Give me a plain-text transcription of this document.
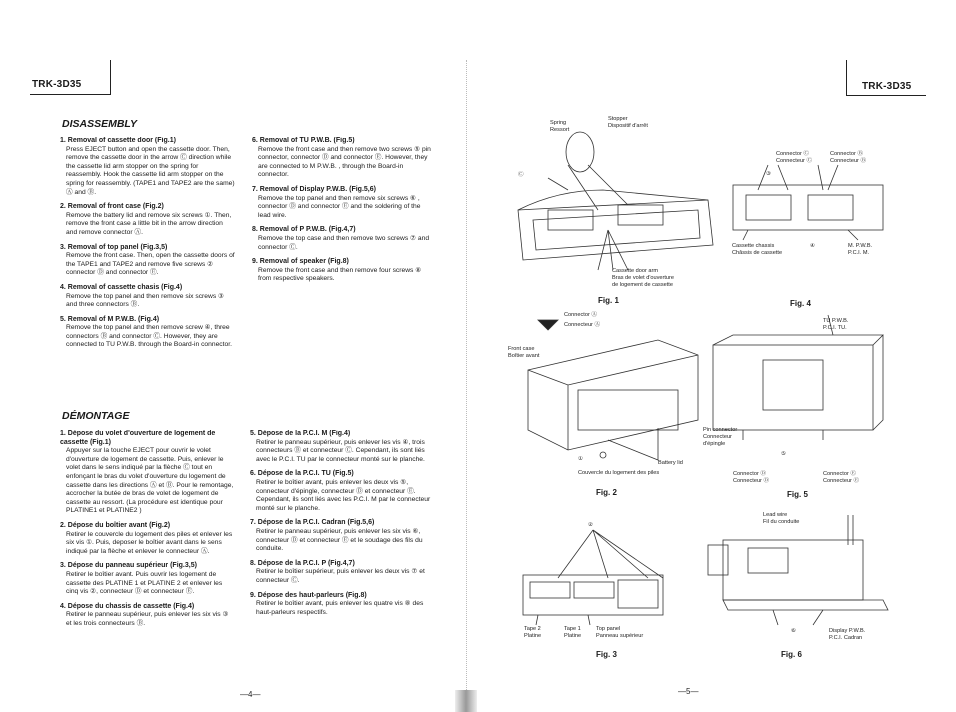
TRK-3D35
DISASSEMBLY
1. Removal of cassette door (Fig.1)
Press EJECT button and open the cassette door. Then, remove the cassette door in the arrow Ⓒ direction while the cassette lid arm stopper on the spring for reassembly. Hook the cassette lid arm stopper on the spring for reassembly. (TAPE1 and TAPE2 are the same) Ⓐ and Ⓑ.
2. Removal of front case (Fig.2)
Remove the battery lid and remove six screws ①. Then, remove the front case a little bit in the arrow direction and remove connector Ⓐ.
3. Removal of top panel (Fig.3,5)
Remove the front case. Then, open the cassette doors of the TAPE1 and TAPE2 and remove five screws ② connector Ⓓ and connector Ⓔ.
4. Removal of cassette chasis (Fig.4)
Remove the top panel and then remove six screws ③ and three connectors Ⓑ.
5. Removal of M P.W.B. (Fig.4)
Remove the top panel and then remove screw ④, three connectors Ⓑ and connector Ⓒ. However, they are connected to TU P.W.B. through the Board-in connector.
6. Removal of TU P.W.B. (Fig.5)
Remove the front case and then remove two screws ⑤ pin connector, connector Ⓓ and connector Ⓔ. However, they are connected to M P.W.B. , through the Board-in connector.
7. Removal of Display P.W.B. (Fig.5,6)
Remove the top panel and then remove six screws ⑥ , connector Ⓓ and connector Ⓔ and the soldering of the lead wire.
8. Removal of P P.W.B. (Fig.4,7)
Remove the top case and then remove two screws ⑦ and connector Ⓒ.
9. Removal of speaker (Fig.8)
Remove the front case and then remove four screws ⑧ from respective speakers.
DÉMONTAGE
1. Dépose du volet d'ouverture de logement de cassette (Fig.1)
Appuyer sur la touche EJECT pour ouvrir le volet d'ouverture de logement de cassette. Puis, enlever le volet dans le sens indiqué par la flèche Ⓒ tout en enfonçant le bras du volet d'ouverture du logement de cassette dans les directions Ⓐ et Ⓑ. Pour le remontage, accrocher la butée de bras de volet de logement de cassette au ressort. (La procédure est identique pour PLATINE1 et PLATINE2 )
2. Dépose du boîtier avant (Fig.2)
Retirer le couvercle du logement des piles et enlever les six vis ①. Puis, deposer le boîtier avant dans le sens indiqué par la flèche et enlever le connecteur Ⓐ.
3. Dépose du panneau supérieur (Fig.3,5)
Retirer le boîtier avant. Puis ouvrir les logement de cassette des PLATINE 1 et PLATINE 2 et enlever les cinq vis ②, connecteur Ⓓ et connecteur Ⓔ.
4. Dépose du chassis de cassette (Fig.4)
Retirer le panneau supérieur, puis enlever les six vis ③ et les trois connecteurs Ⓑ.
5. Dépose de la P.C.I. M (Fig.4)
Retirer le panneau supérieur, puis enlever les vis ④, trois connecteurs Ⓑ et connecteur Ⓒ. Cependant, ils sont liés avec le P.C.I. TU par le connecteur monté sur le planche.
6. Dépose de la P.C.I. TU (Fig.5)
Retirer le boîtier avant, puis enlever les deux vis ⑤, connecteur d'épingle, connecteur Ⓓ et connecteur Ⓔ. Cependant, ils sont liés avec les P.C.I. M par le connecteur monté sur le planche.
7. Dépose de la P.C.I. Cadran (Fig.5,6)
Retirer le panneau supérieur, puis enlever les six vis ⑥, connecteur Ⓓ et connecteur Ⓔ et le soudage des fils du conduite.
8. Dépose de la P.C.I. P (Fig.4,7)
Retirer le boîtier supérieur, puis enlever les deux vis ⑦ et connecteur Ⓒ.
9. Dépose des haut-parleurs (Fig.8)
Retirer le boîtier avant, puis enlever les quatre vis ⑧ des haut-parleurs respectifs.
—4—
TRK-3D35
Spring
Ressort
Stopper
Dispositif d'arrêt
Ⓒ
Cassette door arm
Bras de volet d'ouverture
de logement de cassette
Fig. 1
Connector Ⓐ
Connecteur Ⓐ
Front case
Boîtier avant
①
Battery lid
Couvercle du logement des piles
Fig. 2
②
Tape 2
Platine
Tape 1
Platine
Top panel
Panneau supérieur
Fig. 3
Connector Ⓒ
Connecteur Ⓒ
Connector Ⓑ
Connecteur Ⓑ
③
④
Cassette chassis
Châssis de cassette
M. P.W.B.
P.C.I. M.
Fig. 4
TU P.W.B.
P.C.I. TU.
Pin connector
Connecteur
d'épingle
⑤
Connector Ⓓ
Connecteur Ⓓ
Connector Ⓔ
Connecteur Ⓔ
Fig. 5
Lead wire
Fil du conduite
⑥	Display P.W.B.
P.C.I. Cadran
Fig. 6
—5—
